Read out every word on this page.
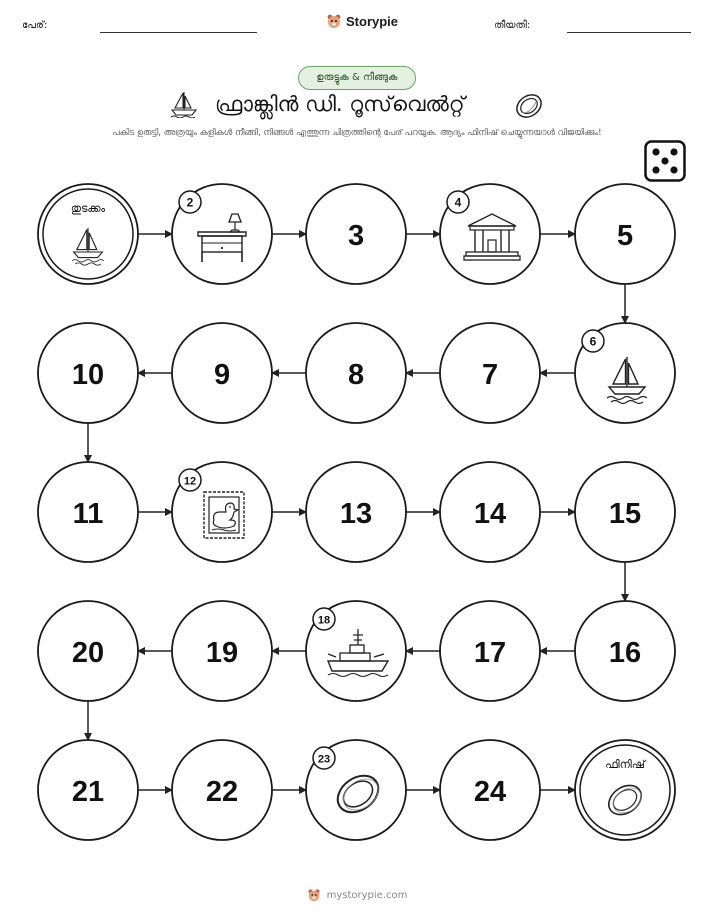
പേര്:	Storypie	തീയതി:
ഉരുട്ടുക & നീങ്ങുക
ഫ്രാങ്ക്ലിൻ ഡി. റൂസ്‌വെൽറ്റ്
പകിട ഉരുട്ടി, അത്രയും കളികൾ നീങ്ങി, നിങ്ങൾ എത്തുന്ന ചിത്രത്തിന്റെ പേര് പറയുക. ആദ്യം ഫിനിഷ് ചെയ്യുന്നയാൾ വിജയിക്കും!
തുടക്കം	2
3
4
5
10	9	8	7
6
11
12
13	14	15
20	19
18
17	16
21	22
23
24
ഫിനിഷ്
mystorypie.com
